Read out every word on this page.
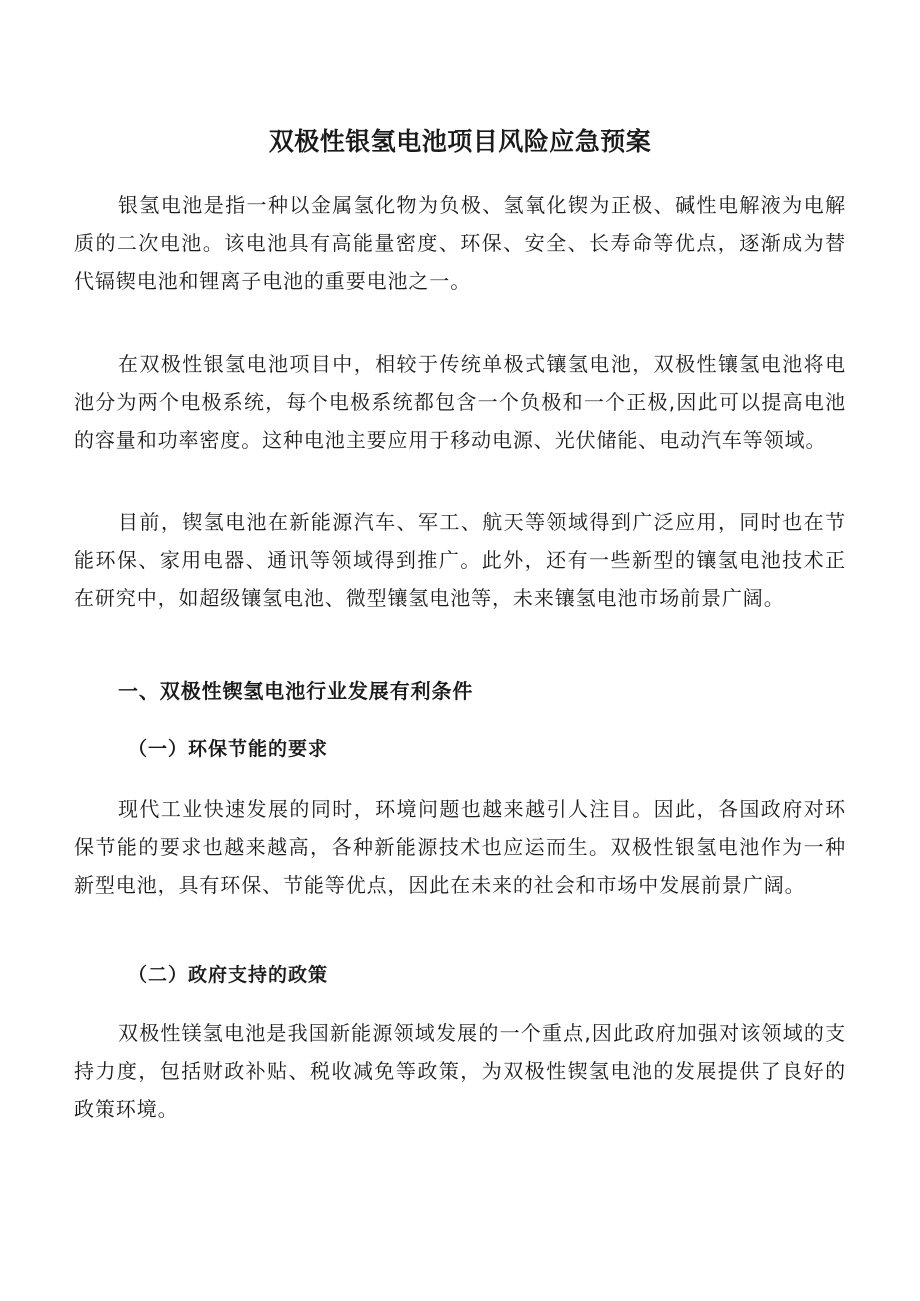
双极性银氢电池项目风险应急预案

银氢电池是指一种以金属氢化物为负极、氢氧化锲为正极、碱性电解液为电解质的二次电池。该电池具有高能量密度、环保、安全、长寿命等优点，逐渐成为替代镉锲电池和锂离子电池的重要电池之一。

在双极性银氢电池项目中，相较于传统单极式镶氢电池，双极性镶氢电池将电池分为两个电极系统，每个电极系统都包含一个负极和一个正极,因此可以提高电池的容量和功率密度。这种电池主要应用于移动电源、光伏储能、电动汽车等领域。

目前，锲氢电池在新能源汽车、军工、航天等领域得到广泛应用，同时也在节能环保、家用电器、通讯等领域得到推广。此外，还有一些新型的镶氢电池技术正在研究中，如超级镶氢电池、微型镶氢电池等，未来镶氢电池市场前景广阔。

一、双极性锲氢电池行业发展有利条件
（一）环保节能的要求

现代工业快速发展的同时，环境问题也越来越引人注目。因此，各国政府对环保节能的要求也越来越高，各种新能源技术也应运而生。双极性银氢电池作为一种新型电池，具有环保、节能等优点，因此在未来的社会和市场中发展前景广阔。

（二）政府支持的政策

双极性镁氢电池是我国新能源领域发展的一个重点,因此政府加强对该领域的支持力度，包括财政补贴、税收减免等政策，为双极性锲氢电池的发展提供了良好的政策环境。
